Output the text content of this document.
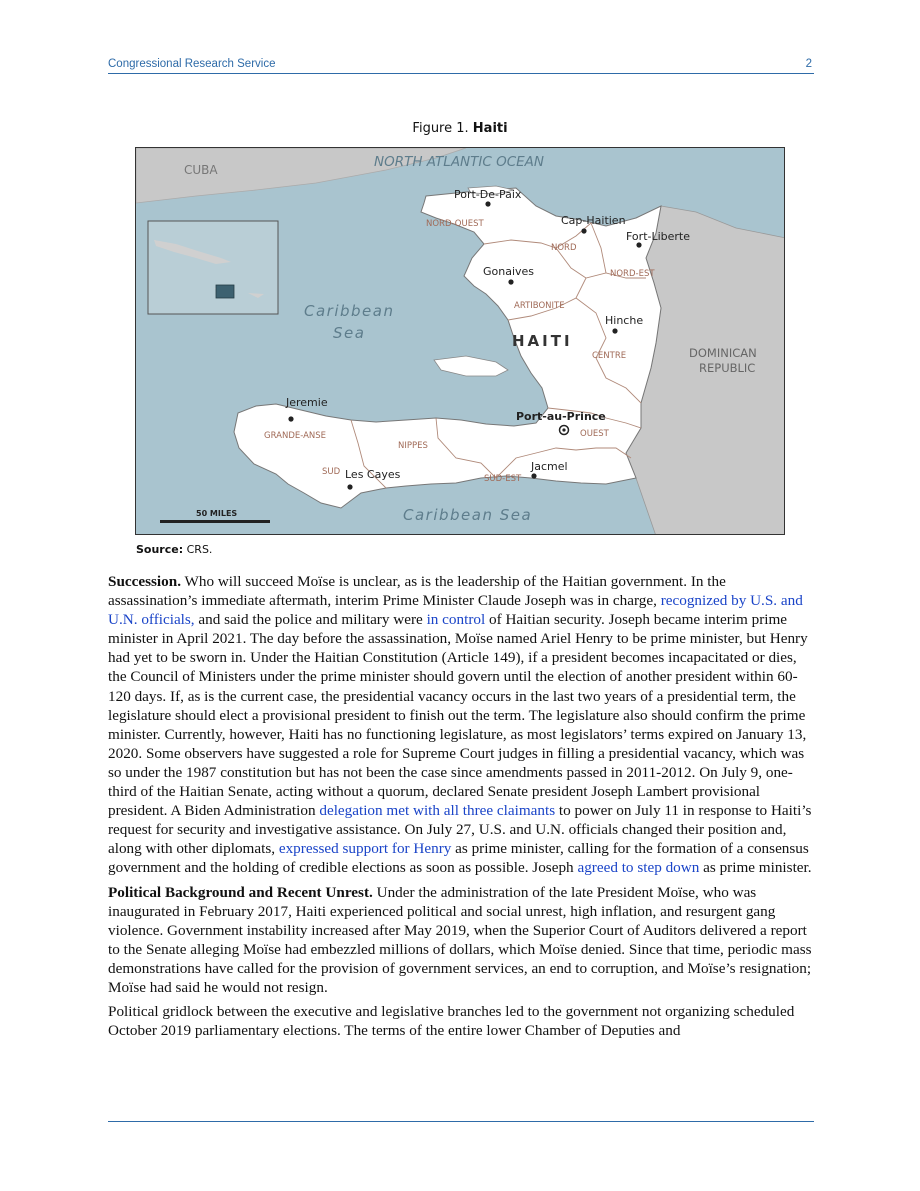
Congressional Research Service	2
Figure 1. Haiti
CUBA	NORTH ATLANTIC OCEAN
Caribbean
Sea
Caribbean Sea
HAITI
DOMINICAN
REPUBLIC
NORD-OUEST
NORD
NORD-EST
ARTIBONITE
CENTRE
GRANDE-ANSE
NIPPES
OUEST
SUD
SUD-EST
Port-De-Paix
Cap-Haitien
Fort-Liberte
Gonaives
Hinche
Jeremie
Port-au-Prince
Jacmel
Les Cayes
50 MILES
Source: CRS.

Succession. Who will succeed Moïse is unclear, as is the leadership of the Haitian government. In the assassination’s immediate aftermath, interim Prime Minister Claude Joseph was in charge, recognized by U.S. and U.N. officials, and said the police and military were in control of Haitian security. Joseph became interim prime minister in April 2021. The day before the assassination, Moïse named Ariel Henry to be prime minister, but Henry had yet to be sworn in. Under the Haitian Constitution (Article 149), if a president becomes incapacitated or dies, the Council of Ministers under the prime minister should govern until the election of another president within 60-120 days. If, as is the current case, the presidential vacancy occurs in the last two years of a presidential term, the legislature should elect a provisional president to finish out the term. The legislature also should confirm the prime minister. Currently, however, Haiti has no functioning legislature, as most legislators’ terms expired on January 13, 2020. Some observers have suggested a role for Supreme Court judges in filling a presidential vacancy, which was so under the 1987 constitution but has not been the case since amendments passed in 2011-2012. On July 9, one-third of the Haitian Senate, acting without a quorum, declared Senate president Joseph Lambert provisional president. A Biden Administration delegation met with all three claimants to power on July 11 in response to Haiti’s request for security and investigative assistance. On July 27, U.S. and U.N. officials changed their position and, along with other diplomats, expressed support for Henry as prime minister, calling for the formation of a consensus government and the holding of credible elections as soon as possible. Joseph agreed to step down as prime minister.

Political Background and Recent Unrest. Under the administration of the late President Moïse, who was inaugurated in February 2017, Haiti experienced political and social unrest, high inflation, and resurgent gang violence. Government instability increased after May 2019, when the Superior Court of Auditors delivered a report to the Senate alleging Moïse had embezzled millions of dollars, which Moïse denied. Since that time, periodic mass demonstrations have called for the provision of government services, an end to corruption, and Moïse’s resignation; Moïse had said he would not resign.

Political gridlock between the executive and legislative branches led to the government not organizing scheduled October 2019 parliamentary elections. The terms of the entire lower Chamber of Deputies and
